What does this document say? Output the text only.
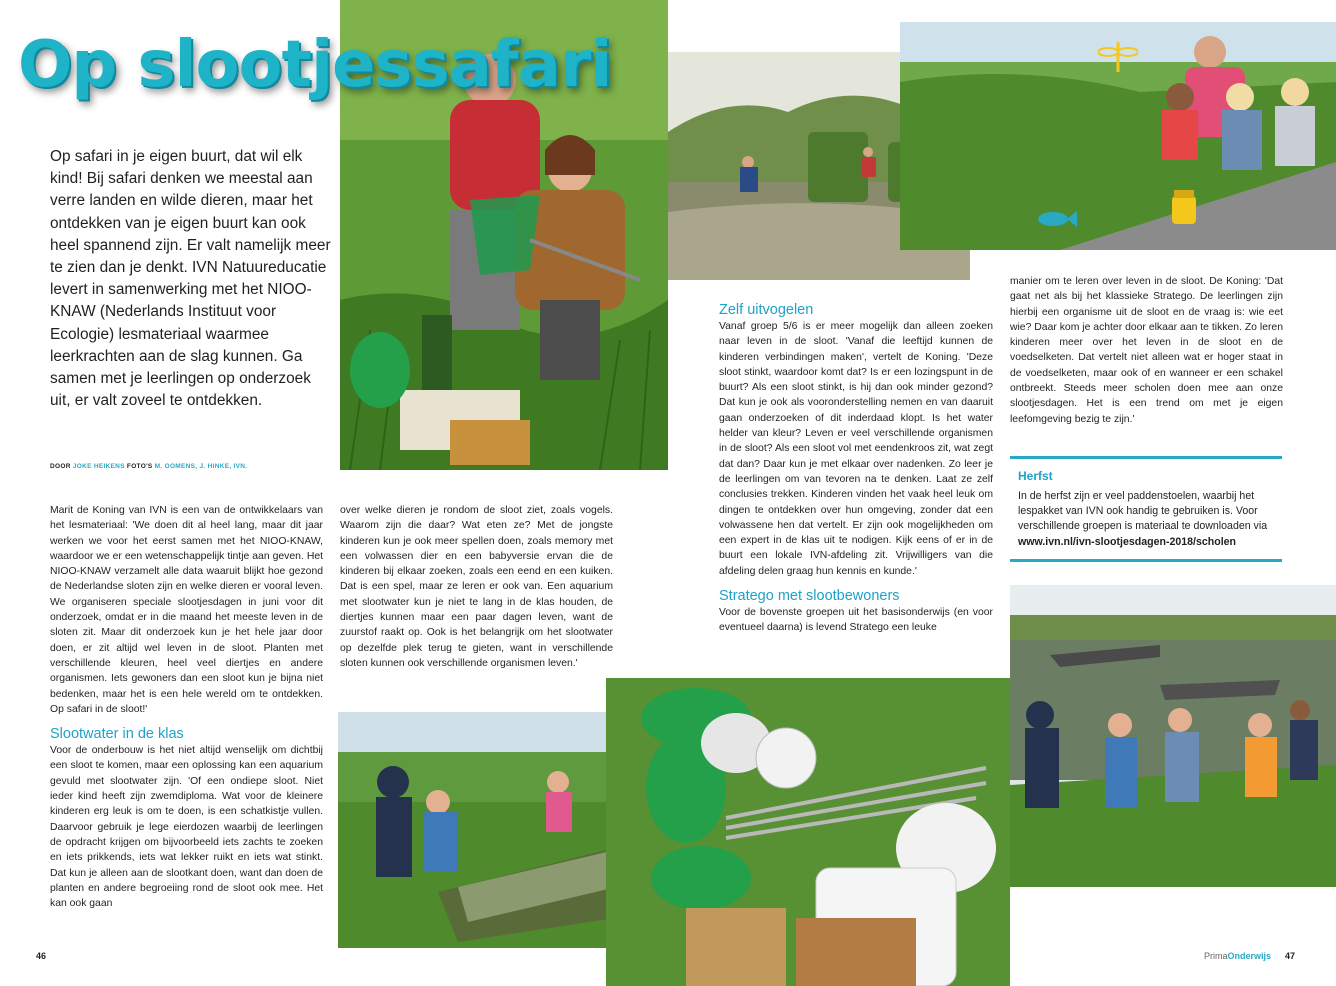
Op slootjessafari

Op safari in je eigen buurt, dat wil elk kind! Bij safari denken we meestal aan verre landen en wilde dieren, maar het ontdekken van je eigen buurt kan ook heel spannend zijn. Er valt namelijk meer te zien dan je denkt. IVN Natuureducatie levert in samenwerking met het NIOO-KNAW (Nederlands Instituut voor Ecologie) lesmateriaal waarmee leerkrachten aan de slag kunnen. Ga samen met je leerlingen op onderzoek uit, er valt zoveel te ontdekken.

DOOR JOKE HEIKENS FOTO'S M. OOMENS, J. HINKE, IVN.

Marit de Koning van IVN is een van de ontwikkelaars van het lesmateriaal: 'We doen dit al heel lang, maar dit jaar werken we voor het eerst samen met het NIOO-KNAW, waardoor we er een wetenschappelijk tintje aan geven. Het NIOO-KNAW verzamelt alle data waaruit blijkt hoe gezond de Nederlandse sloten zijn en welke dieren er vooral leven. We organiseren speciale slootjesdagen in juni voor dit onderzoek, omdat er in die maand het meeste leven in de sloten zit. Maar dit onderzoek kun je het hele jaar door doen, er zit altijd wel leven in de sloot. Planten met verschillende kleuren, heel veel diertjes en andere organismen. Iets gewoners dan een sloot kun je bijna niet bedenken, maar het is een hele wereld om te ontdekken. Op safari in de sloot!'

Slootwater in de klas

Voor de onderbouw is het niet altijd wenselijk om dichtbij een sloot te komen, maar een oplossing kan een aquarium gevuld met slootwater zijn. 'Of een ondiepe sloot. Niet ieder kind heeft zijn zwemdiploma. Wat voor de kleinere kinderen erg leuk is om te doen, is een schatkistje vullen. Daarvoor gebruik je lege eierdozen waarbij de leerlingen de opdracht krijgen om bijvoorbeeld iets zachts te zoeken en iets prikkends, iets wat lekker ruikt en iets wat stinkt. Dat kun je alleen aan de slootkant doen, want dan doen de planten en andere begroeiing rond de sloot ook mee. Het kan ook gaan

over welke dieren je rondom de sloot ziet, zoals vogels. Waarom zijn die daar? Wat eten ze? Met de jongste kinderen kun je ook meer spellen doen, zoals memory met een volwassen dier en een babyversie ervan die de kinderen bij elkaar zoeken, zoals een eend en een kuiken. Dat is een spel, maar ze leren er ook van. Een aquarium met slootwater kun je niet te lang in de klas houden, de diertjes kunnen maar een paar dagen leven, want de zuurstof raakt op. Ook is het belangrijk om het slootwater op dezelfde plek terug te gieten, want in verschillende sloten kunnen ook verschillende organismen leven.'

Zelf uitvogelen

Vanaf groep 5/6 is er meer mogelijk dan alleen zoeken naar leven in de sloot. 'Vanaf die leeftijd kunnen de kinderen verbindingen maken', vertelt de Koning. 'Deze sloot stinkt, waardoor komt dat? Is er een lozingspunt in de buurt? Als een sloot stinkt, is hij dan ook minder gezond? Dat kun je ook als vooronderstelling nemen en van daaruit gaan onderzoeken of dit inderdaad klopt. Is het water helder van kleur? Leven er veel verschillende organismen in de sloot? Als een sloot vol met eendenkroos zit, wat zegt dat dan? Daar kun je met elkaar over nadenken. Zo leer je de leerlingen om van tevoren na te denken. Laat ze zelf conclusies trekken. Kinderen vinden het vaak heel leuk om dingen te ontdekken over hun omgeving, zonder dat een volwassene hen dat vertelt. Er zijn ook mogelijkheden om een expert in de klas uit te nodigen. Kijk eens of er in de buurt een lokale IVN-afdeling zit. Vrijwilligers van die afdeling delen graag hun kennis en kunde.'

Stratego met slootbewoners

Voor de bovenste groepen uit het basisonderwijs (en voor eventueel daarna) is levend Stratego een leuke

manier om te leren over leven in de sloot. De Koning: 'Dat gaat net als bij het klassieke Stratego. De leerlingen zijn hierbij een organisme uit de sloot en de vraag is: wie eet wie? Daar kom je achter door elkaar aan te tikken. Zo leren kinderen meer over het leven in de sloot en de voedselketen. Dat vertelt niet alleen wat er hoger staat in de voedselketen, maar ook of en wanneer er een schakel ontbreekt. Steeds meer scholen doen mee aan onze slootjesdagen. Het is een trend om met je eigen leefomgeving bezig te zijn.'

Herfst

In de herfst zijn er veel paddenstoelen, waarbij het lespakket van IVN ook handig te gebruiken is. Voor verschillende groepen is materiaal te downloaden via www.ivn.nl/ivn-slootjesdagen-2018/scholen

46	PrimaOnderwijs 47
